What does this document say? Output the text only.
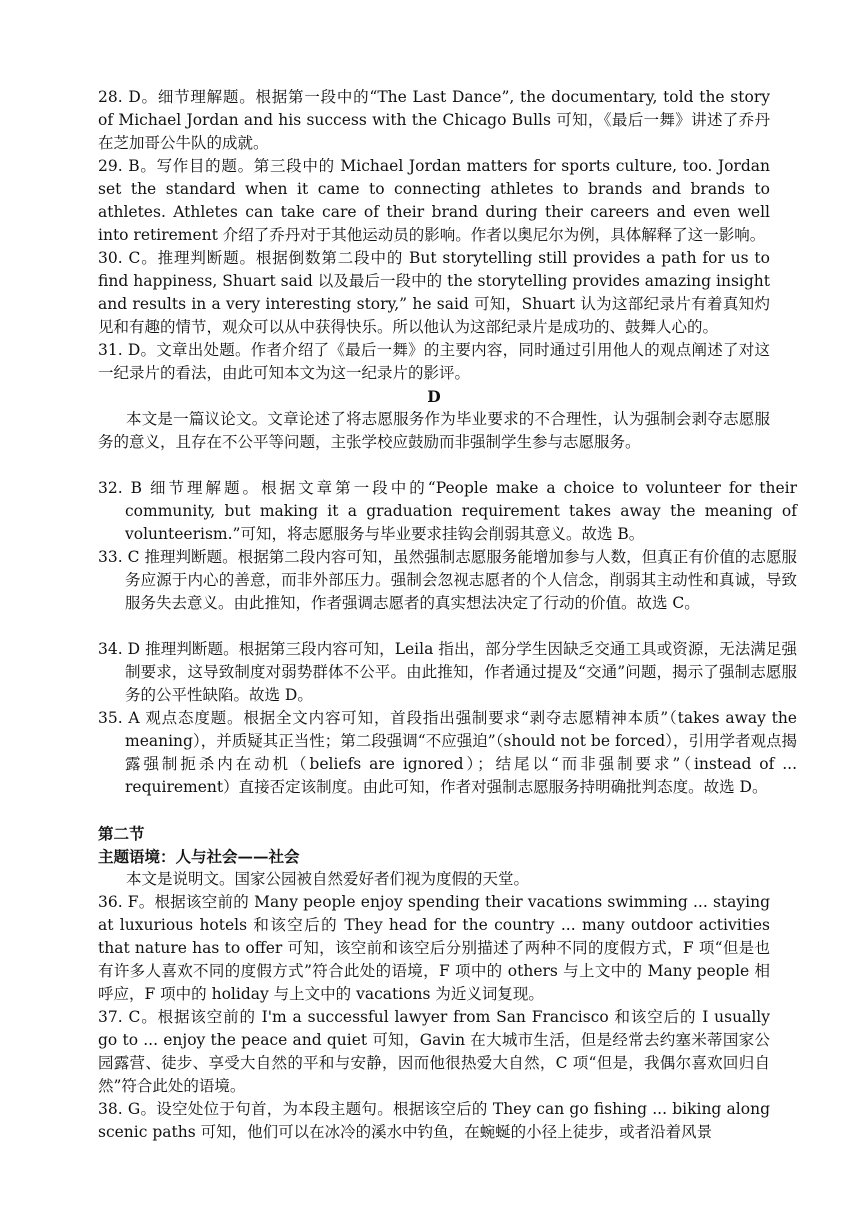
28. D。细节理解题。根据第一段中的“The Last Dance”, the documentary, told the story of Michael Jordan and his success with the Chicago Bulls 可知，《最后一舞》讲述了乔丹在芝加哥公牛队的成就。

29. B。写作目的题。第三段中的 Michael Jordan matters for sports culture, too. Jordan set the standard when it came to connecting athletes to brands and brands to athletes. Athletes can take care of their brand during their careers and even well into retirement 介绍了乔丹对于其他运动员的影响。作者以奥尼尔为例，具体解释了这一影响。

30. C。推理判断题。根据倒数第二段中的 But storytelling still provides a path for us to find happiness, Shuart said 以及最后一段中的 the storytelling provides amazing insight and results in a very interesting story,” he said 可知，Shuart 认为这部纪录片有着真知灼见和有趣的情节，观众可以从中获得快乐。所以他认为这部纪录片是成功的、鼓舞人心的。

31. D。文章出处题。作者介绍了《最后一舞》的主要内容，同时通过引用他人的观点阐述了对这一纪录片的看法，由此可知本文为这一纪录片的影评。

D

本文是一篇议论文。文章论述了将志愿服务作为毕业要求的不合理性，认为强制会剥夺志愿服务的意义，且存在不公平等问题，主张学校应鼓励而非强制学生参与志愿服务。

32. B 细节理解题。根据文章第一段中的“People make a choice to volunteer for their community, but making it a graduation requirement takes away the meaning of volunteerism.”可知，将志愿服务与毕业要求挂钩会削弱其意义。故选 B。

33. C 推理判断题。根据第二段内容可知，虽然强制志愿服务能增加参与人数，但真正有价值的志愿服务应源于内心的善意，而非外部压力。强制会忽视志愿者的个人信念，削弱其主动性和真诚，导致服务失去意义。由此推知，作者强调志愿者的真实想法决定了行动的价值。故选 C。

34. D 推理判断题。根据第三段内容可知，Leila 指出，部分学生因缺乏交通工具或资源，无法满足强制要求，这导致制度对弱势群体不公平。由此推知，作者通过提及“交通”问题，揭示了强制志愿服务的公平性缺陷。故选 D。

35. A 观点态度题。根据全文内容可知，首段指出强制要求“剥夺志愿精神本质”（takes away the meaning），并质疑其正当性；第二段强调“不应强迫”（should not be forced），引用学者观点揭露强制扼杀内在动机（beliefs are ignored）；结尾以“而非强制要求”（instead of ... requirement）直接否定该制度。由此可知，作者对强制志愿服务持明确批判态度。故选 D。

第二节

主题语境：人与社会——社会

本文是说明文。国家公园被自然爱好者们视为度假的天堂。

36. F。根据该空前的 Many people enjoy spending their vacations swimming ... staying at luxurious hotels 和该空后的 They head for the country ... many outdoor activities that nature has to offer 可知，该空前和该空后分别描述了两种不同的度假方式，F 项“但是也有许多人喜欢不同的度假方式”符合此处的语境，F 项中的 others 与上文中的 Many people 相呼应，F 项中的 holiday 与上文中的 vacations 为近义词复现。

37. C。根据该空前的 I'm a successful lawyer from San Francisco 和该空后的 I usually go to ... enjoy the peace and quiet 可知，Gavin 在大城市生活，但是经常去约塞米蒂国家公园露营、徒步、享受大自然的平和与安静，因而他很热爱大自然，C 项“但是，我偶尔喜欢回归自然”符合此处的语境。

38. G。设空处位于句首，为本段主题句。根据该空后的 They can go fishing ... biking along scenic paths 可知，他们可以在冰冷的溪水中钓鱼，在蜿蜒的小径上徒步，或者沿着风景
